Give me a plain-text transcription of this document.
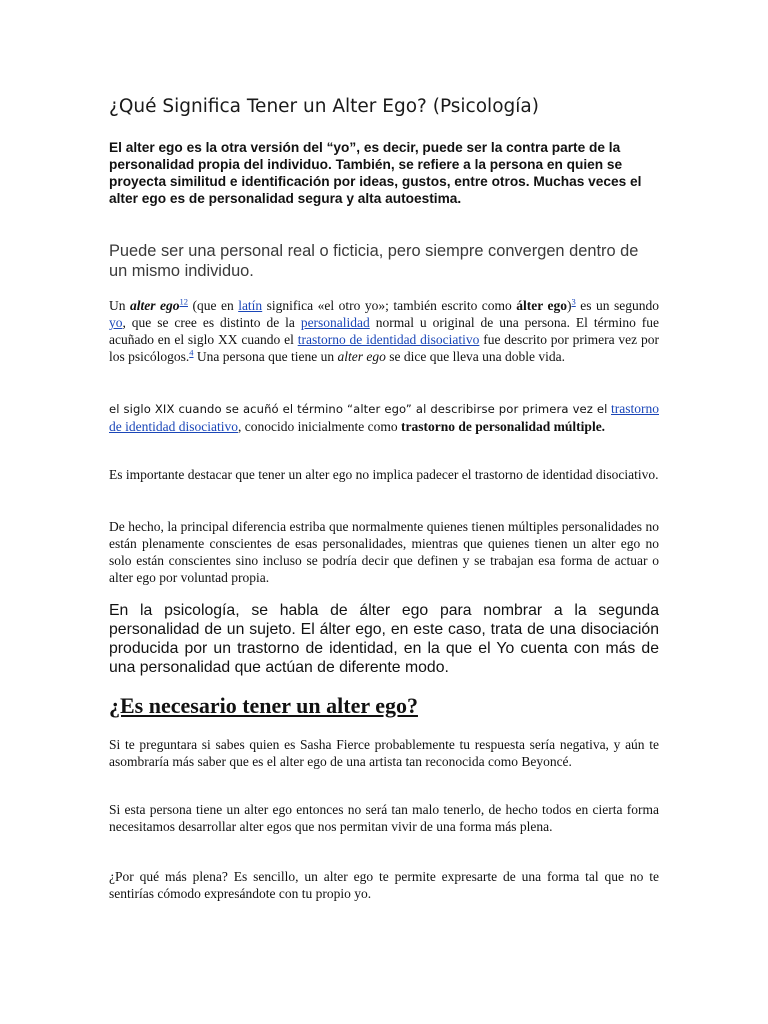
¿Qué Significa Tener un Alter Ego? (Psicología)

El alter ego es la otra versión del “yo”, es decir, puede ser la contra parte de la personalidad propia del individuo. También, se refiere a la persona en quien se proyecta similitud e identificación por ideas, gustos, entre otros. Muchas veces el alter ego es de personalidad segura y alta autoestima.

Puede ser una personal real o ficticia, pero siempre convergen dentro de un mismo individuo.

Un alter ego$^{12}$ (que en latín significa «el otro yo»; también escrito como álter ego)$^3$ es un segundo yo, que se cree es distinto de la personalidad normal u original de una persona. El término fue acuñado en el siglo XX cuando el trastorno de identidad disociativo fue descrito por primera vez por los psicólogos.$^4$ Una persona que tiene un alter ego se dice que lleva una doble vida.

el siglo XIX cuando se acuñó el término “alter ego” al describirse por primera vez el trastorno de identidad disociativo, conocido inicialmente como trastorno de personalidad múltiple.

Es importante destacar que tener un alter ego no implica padecer el trastorno de identidad disociativo.

De hecho, la principal diferencia estriba que normalmente quienes tienen múltiples personalidades no están plenamente conscientes de esas personalidades, mientras que quienes tienen un alter ego no solo están conscientes sino incluso se podría decir que definen y se trabajan esa forma de actuar o alter ego por voluntad propia.

En la psicología, se habla de álter ego para nombrar a la segunda personalidad de un sujeto. El álter ego, en este caso, trata de una disociación producida por un trastorno de identidad, en la que el Yo cuenta con más de una personalidad que actúan de diferente modo.

¿Es necesario tener un alter ego?

Si te preguntara si sabes quien es Sasha Fierce probablemente tu respuesta sería negativa, y aún te asombraría más saber que es el alter ego de una artista tan reconocida como Beyoncé.

Si esta persona tiene un alter ego entonces no será tan malo tenerlo, de hecho todos en cierta forma necesitamos desarrollar alter egos que nos permitan vivir de una forma más plena.

¿Por qué más plena? Es sencillo, un alter ego te permite expresarte de una forma tal que no te sentirías cómodo expresándote con tu propio yo.
